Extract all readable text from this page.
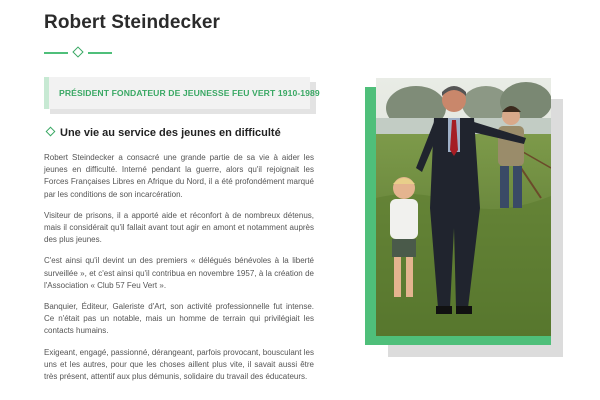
Robert Steindecker
PRÉSIDENT FONDATEUR DE JEUNESSE FEU VERT 1910-1989
Une vie au service des jeunes en difficulté

Robert Steindecker a consacré une grande partie de sa vie à aider les jeunes en difficulté. Interné pendant la guerre, alors qu'il rejoignait les Forces Françaises Libres en Afrique du Nord, il a été profondément marqué par les conditions de son incarcération.

Visiteur de prisons, il a apporté aide et réconfort à de nombreux détenus, mais il considérait qu'il fallait avant tout agir en amont et notamment auprès des plus jeunes.

C'est ainsi qu'il devint un des premiers « délégués bénévoles à la liberté surveillée », et c'est ainsi qu'il contribua en novembre 1957, à la création de l'Association « Club 57 Feu Vert ».

Banquier, Éditeur, Galeriste d'Art, son activité professionnelle fut intense. Ce n'était pas un notable, mais un homme de terrain qui privilégiait les contacts humains.

Exigeant, engagé, passionné, dérangeant, parfois provocant, bousculant les uns et les autres, pour que les choses aillent plus vite, il savait aussi être très présent, attentif aux plus démunis, solidaire du travail des éducateurs.
